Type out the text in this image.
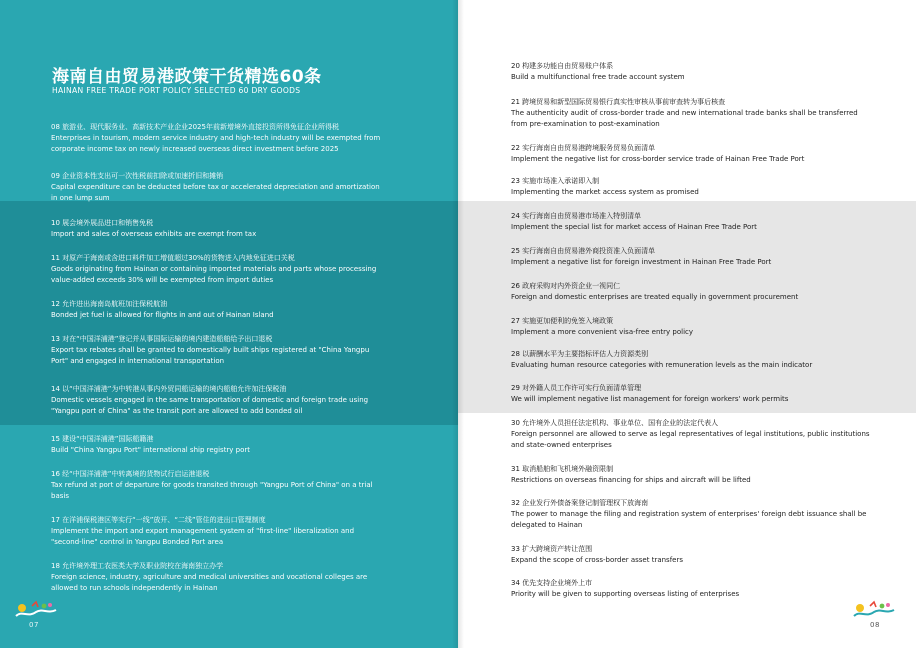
海南自由贸易港政策干货精选60条
HAINAN FREE TRADE PORT POLICY SELECTED 60 DRY GOODS
08 旅游业、现代服务业、高新技术产业企业2025年前新增境外直接投资所得免征企业所得税
Enterprises in tourism, modern service industry and high-tech industry will be exempted from corporate income tax on newly increased overseas direct investment before 2025
09 企业资本性支出可一次性税前扣除或加速折旧和摊销
Capital expenditure can be deducted before tax or accelerated depreciation and amortization in one lump sum
10 展会境外展品进口和销售免税
Import and sales of overseas exhibits are exempt from tax
11 对原产于海南或含进口料件加工增值超过30%的货物进入内地免征进口关税
Goods originating from Hainan or containing imported materials and parts whose processing value-added exceeds 30% will be exempted from import duties
12 允许进出海南岛航班加注保税航油
Bonded jet fuel is allowed for flights in and out of Hainan Island
13 对在“中国洋浦港”登记并从事国际运输的境内建造船舶给予出口退税
Export tax rebates shall be granted to domestically built ships registered at "China Yangpu Port" and engaged in international transportation
14 以“中国洋浦港”为中转港从事内外贸同船运输的境内船舶允许加注保税油
Domestic vessels engaged in the same transportation of domestic and foreign trade using "Yangpu port of China" as the transit port are allowed to add bonded oil
15 建设“中国洋浦港”国际船籍港
Build "China Yangpu Port" international ship registry port
16 经“中国洋浦港”中转离境的货物试行启运港退税
Tax refund at port of departure for goods transited through "Yangpu Port of China" on a trial basis
17 在洋浦保税港区等实行“一线”放开、“二线”管住的进出口管理制度
Implement the import and export management system of "first-line" liberalization and "second-line" control in Yangpu Bonded Port area
18 允许境外理工农医类大学及职业院校在海南独立办学
Foreign science, industry, agriculture and medical universities and vocational colleges are allowed to run schools independently in Hainan
07
20 构建多功能自由贸易账户体系
Build a multifunctional free trade account system
21 跨境贸易和新型国际贸易银行真实性审核从事前审查转为事后核查
The authenticity audit of cross-border trade and new international trade banks shall be transferred from pre-examination to post-examination
22 实行海南自由贸易港跨境服务贸易负面清单
Implement the negative list for cross-border service trade of Hainan Free Trade Port
23 实施市场准入承诺即入制
Implementing the market access system as promised
24 实行海南自由贸易港市场准入特别清单
Implement the special list for market access of Hainan Free Trade Port
25 实行海南自由贸易港外商投资准入负面清单
Implement a negative list for foreign investment in Hainan Free Trade Port
26 政府采购对内外资企业一视同仁
Foreign and domestic enterprises are treated equally in government procurement
27 实施更加便利的免签入境政策
Implement a more convenient visa-free entry policy
28 以薪酬水平为主要指标评估人力资源类别
Evaluating human resource categories with remuneration levels as the main indicator
29 对外籍人员工作许可实行负面清单管理
We will implement negative list management for foreign workers' work permits
30 允许境外人员担任法定机构、事业单位、国有企业的法定代表人
Foreign personnel are allowed to serve as legal representatives of legal institutions, public institutions and state-owned enterprises
31 取消船舶和飞机境外融资限制
Restrictions on overseas financing for ships and aircraft will be lifted
32 企业发行外债备案登记制管理权下放海南
The power to manage the filing and registration system of enterprises' foreign debt issuance shall be delegated to Hainan
33 扩大跨境资产转让范围
Expand the scope of cross-border asset transfers
34 优先支持企业境外上市
Priority will be given to supporting overseas listing of enterprises
08
